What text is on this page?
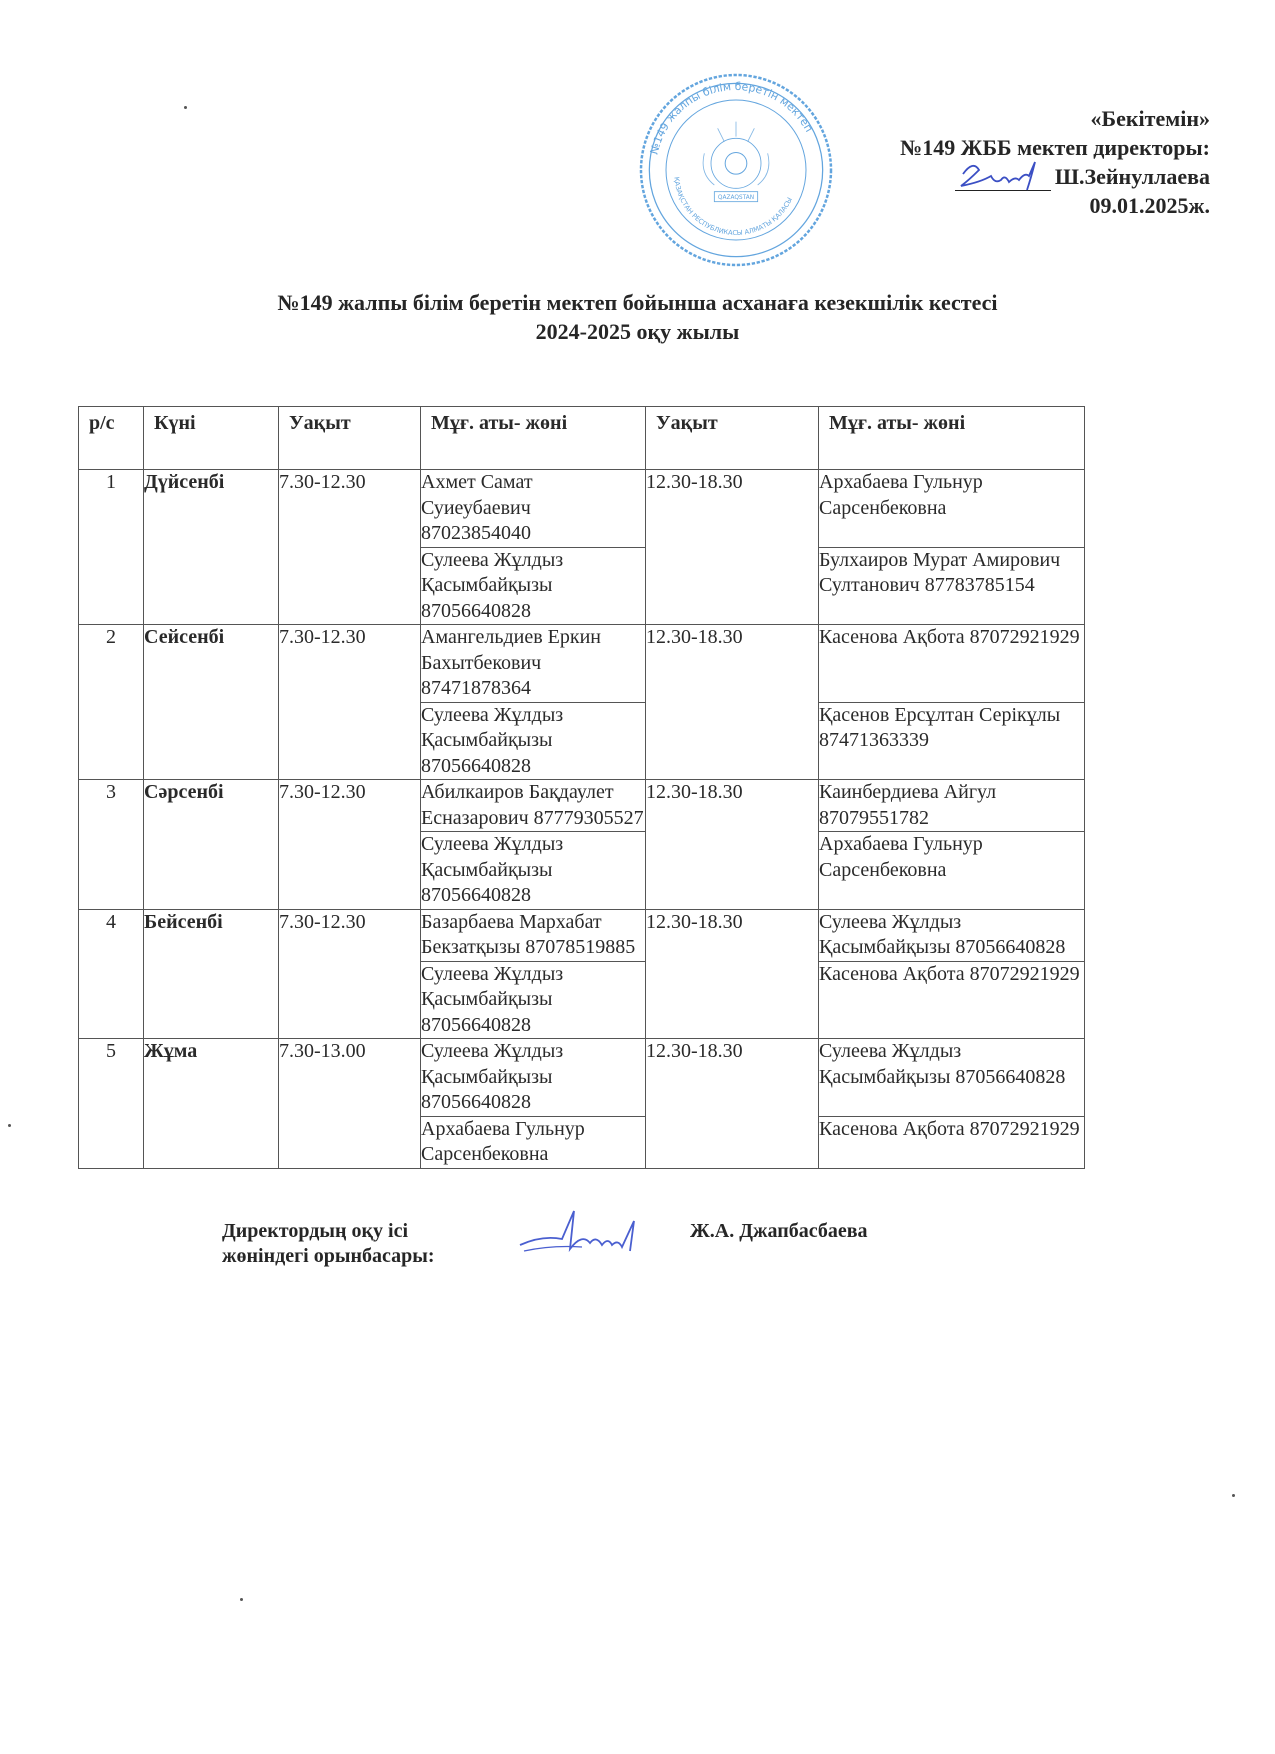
№149 жалпы білім беретін мектеп
ҚАЗАҚСТАН РЕСПУБЛИКАСЫ АЛМАТЫ ҚАЛАСЫ
QAZAQSTAN
«Бекітемін»
№149 ЖББ мектеп директоры:
Ш.Зейнуллаева
09.01.2025ж.
№149 жалпы білім беретін мектеп бойынша асханаға кезекшілік кестесі
2024-2025 оқу жылы
р/с	Күні	Уақыт	Мұғ. аты- жөні	Уақыт	Мұғ. аты- жөні
1	Дүйсенбі	7.30-12.30	Ахмет Самат Суиеубаевич 87023854040	12.30-18.30	Архабаева Гульнур Сарсенбековна
			Сулеева Жұлдыз Қасымбайқызы 87056640828		Булхаиров Мурат Амирович Султанович 87783785154
2	Сейсенбі	7.30-12.30	Амангельдиев Еркин Бахытбекович 87471878364	12.30-18.30	Касенова Ақбота 87072921929
			Сулеева Жұлдыз Қасымбайқызы 87056640828		Қасенов Ерсұлтан Серікұлы 87471363339
3	Сәрсенбі	7.30-12.30	Абилкаиров Бақдаулет Есназарович 87779305527	12.30-18.30	Каинбердиева Айгул 87079551782
			Сулеева Жұлдыз Қасымбайқызы 87056640828		Архабаева Гульнур Сарсенбековна
4	Бейсенбі	7.30-12.30	Базарбаева Мархабат Бекзатқызы 87078519885	12.30-18.30	Сулеева Жұлдыз Қасымбайқызы 87056640828
			Сулеева Жұлдыз Қасымбайқызы 87056640828		Касенова Ақбота 87072921929
5	Жұма	7.30-13.00	Сулеева Жұлдыз Қасымбайқызы 87056640828	12.30-18.30	Сулеева Жұлдыз Қасымбайқызы 87056640828
			Архабаева Гульнур Сарсенбековна		Касенова Ақбота 87072921929
Директордың оқу ісі
жөніндегі орынбасары:
Ж.А. Джапбасбаева
